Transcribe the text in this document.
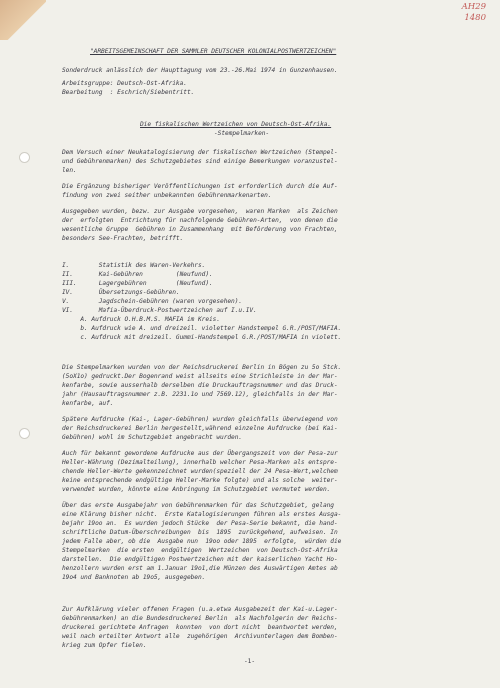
AH29
1480
"ARBEITSGEMEINSCHAFT DER SAMMLER DEUTSCHER KOLONIALPOSTWERTZEICHEN"
Sonderdruck anlässlich der Haupttagung vom 23.-26.Mai 1974 in Gunzenhausen.
Arbeitsgruppe: Deutsch-Ost-Afrika.
Bearbeitung  : Eschrich/Siebentritt.
Die fiskalischen Wertzeichen von Deutsch-Ost-Afrika.
-Stempelmarken-
Dem Versuch einer Neukatalogisierung der fiskalischen Wertzeichen (Stempel-
und Gebührenmarken) des Schutzgebietes sind einige Bemerkungen voranzustel-
len.
Die Ergänzung bisheriger Veröffentlichungen ist erforderlich durch die Auf-
findung von zwei seither unbekannten Gebührenmarkenarten.
Ausgegeben wurden, bezw. zur Ausgabe vorgesehen,  waren Marken  als Zeichen
der  erfolgten  Entrichtung für nachfolgende Gebühren-Arten,  von denen die
wesentliche Gruppe  Gebühren in Zusammenhang  mit Beförderung von Frachten,
besonders See-Frachten, betrifft.
I.        Statistik des Waren-Verkehrs.
II.       Kai-Gebühren         (Neufund).
III.      Lagergebühren        (Neufund).
IV.       Übersetzungs-Gebühren.
V.        Jagdschein-Gebühren (waren vorgesehen).
VI.       Mafia-Überdruck-Postwertzeichen auf I.u.IV.
A. Aufdruck O.H.B.M.S. MAFIA im Kreis.
b. Aufdruck wie A. und dreizeil. violetter Handstempel G.R./POST/MAFIA.
c. Aufdruck mit dreizeil. Gummi-Handstempel G.R./POST/MAFIA in violett.
Die Stempelmarken wurden von der Reichsdruckerei Berlin in Bögen zu 5o Stck.
(5oX1o) gedruckt.Der Bogenrand weist allseits eine Strichleiste in der Mar-
kenfarbe, sowie ausserhalb derselben die Druckauftragsnummer und das Druck-
jahr (Hausauftragsnummer z.B. 2231.1o und 7569.12), gleichfalls in der Mar-
kenfarbe, auf.
Spätere Aufdrucke (Kai-, Lager-Gebühren) wurden gleichfalls überwiegend von
der Reichsdruckerei Berlin hergestellt,während einzelne Aufdrucke (bei Kai-
Gebühren) wohl im Schutzgebiet angebracht wurden.
Auch für bekannt gewordene Aufdrucke aus der Übergangszeit von der Pesa-zur
Heller-Währung (Dezimalteilung), innerhalb welcher Pesa-Marken als entspre-
chende Heller-Werte gekennzeichnet wurden(speziell der 24 Pesa-Wert,welchem
keine entsprechende endgültige Heller-Marke folgte) und als solche  weiter-
verwendet wurden, könnte eine Anbringung im Schutzgebiet vermutet werden.
Über das erste Ausgabejahr von Gebührenmarken für das Schutzgebiet, gelang
eine Klärung bisher nicht.  Erste Katalogisierungen führen als erstes Ausga-
bejahr 19oo an.  Es wurden jedoch Stücke  der Pesa-Serie bekannt, die hand-
schriftliche Datum-Überschreibungen  bis  1895  zurückgehend, aufweisen. In
jedem Falle aber, ob die  Ausgabe nun  19oo oder 1895  erfolgte,  würden die
Stempelmarken  die ersten  endgültigen  Wertzeichen  von Deutsch-Ost-Afrika
darstellen.  Die endgültigen Postwertzeichen mit der kaiserlichen Yacht Ho-
henzollern wurden erst am 1.Januar 19o1,die Münzen des Auswärtigen Amtes ab
19o4 und Banknoten ab 19o5, ausgegeben.
Zur Aufklärung vieler offenen Fragen (u.a.etwa Ausgabezeit der Kai-u.Lager-
Gebührenmarken) an die Bundesdruckerei Berlin  als Nachfolgerin der Reichs-
druckerei gerichtete Anfragen  konnten  von dort nicht  beantwortet werden,
weil nach erteilter Antwort alle  zugehörigen  Archivunterlagen dem Bomben-
krieg zum Opfer fielen.
-1-
